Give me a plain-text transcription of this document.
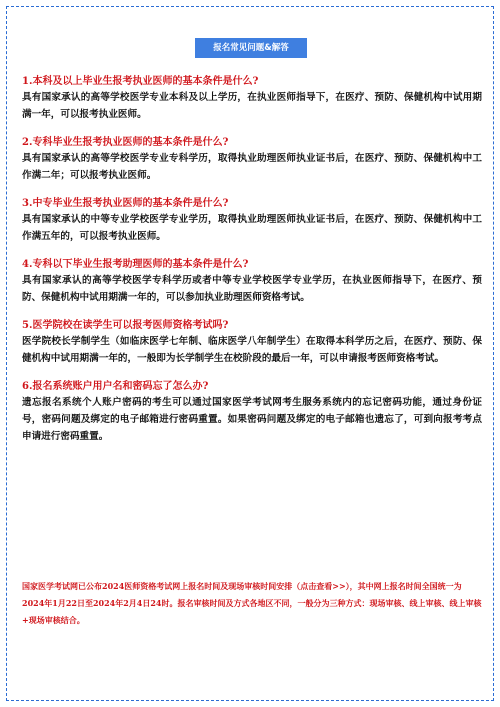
报名常见问题&解答
1.本科及以上毕业生报考执业医师的基本条件是什么?
具有国家承认的高等学校医学专业本科及以上学历，在执业医师指导下，在医疗、预防、保健机构中试用期满一年，可以报考执业医师。
2.专科毕业生报考执业医师的基本条件是什么?
具有国家承认的高等学校医学专业专科学历，取得执业助理医师执业证书后，在医疗、预防、保健机构中工作满二年；可以报考执业医师。
3.中专毕业生报考执业医师的基本条件是什么?
具有国家承认的中等专业学校医学专业学历，取得执业助理医师执业证书后，在医疗、预防、保健机构中工作满五年的，可以报考执业医师。
4.专科以下毕业生报考助理医师的基本条件是什么?
具有国家承认的高等学校医学专科学历或者中等专业学校医学专业学历，在执业医师指导下，在医疗、预防、保健机构中试用期满一年的，可以参加执业助理医师资格考试。
5.医学院校在读学生可以报考医师资格考试吗?
医学院校长学制学生（如临床医学七年制、临床医学八年制学生）在取得本科学历之后，在医疗、预防、保健机构中试用期满一年的，一般即为长学制学生在校阶段的最后一年，可以申请报考医师资格考试。
6.报名系统账户用户名和密码忘了怎么办?
遗忘报名系统个人账户密码的考生可以通过国家医学考试网考生服务系统内的忘记密码功能，通过身份证号，密码问题及绑定的电子邮箱进行密码重置。如果密码问题及绑定的电子邮箱也遗忘了，可到向报考考点申请进行密码重置。
国家医学考试网已公布2024医师资格考试网上报名时间及现场审核时间安排（点击查看>>），其中网上报名时间全国统一为2024年1月22日至2024年2月4日24时。报名审核时间及方式各地区不同，一般分为三种方式：现场审核、线上审核、线上审核+现场审核结合。
